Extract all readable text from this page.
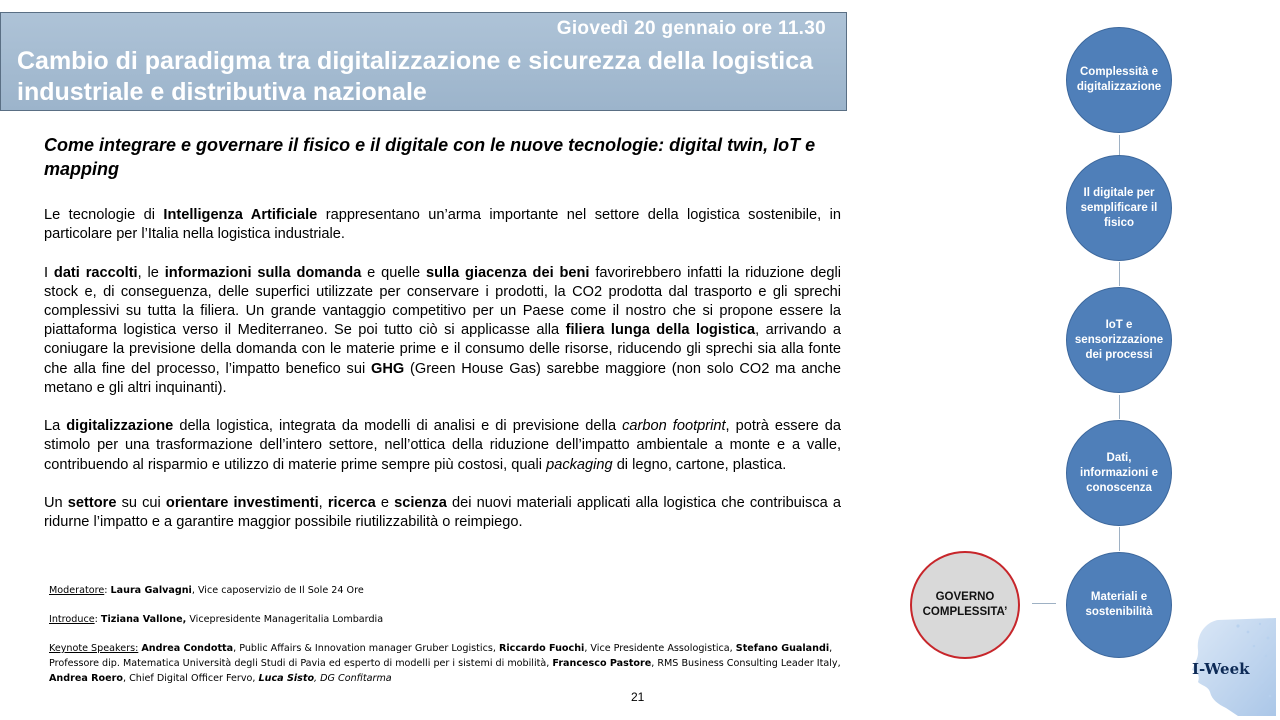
Giovedì 20 gennaio ore 11.30
Cambio di paradigma tra digitalizzazione e sicurezza della logistica industriale e distributiva nazionale
Come integrare e governare il fisico e il digitale con le nuove tecnologie: digital twin, IoT e mapping

Le tecnologie di Intelligenza Artificiale rappresentano un’arma importante nel settore della logistica sostenibile, in particolare per l’Italia nella logistica industriale.

I dati raccolti, le informazioni sulla domanda e quelle sulla giacenza dei beni favorirebbero infatti la riduzione degli stock e, di conseguenza, delle superfici utilizzate per conservare i prodotti, la CO2 prodotta dal trasporto e gli sprechi complessivi su tutta la filiera. Un grande vantaggio competitivo per un Paese come il nostro che si propone essere la piattaforma logistica verso il Mediterraneo. Se poi tutto ciò si applicasse alla filiera lunga della logistica, arrivando a coniugare la previsione della domanda con le materie prime e il consumo delle risorse, riducendo gli sprechi sia alla fonte che alla fine del processo, l’impatto benefico sui GHG (Green House Gas) sarebbe maggiore (non solo CO2 ma anche metano e gli altri inquinanti).

La digitalizzazione della logistica, integrata da modelli di analisi e di previsione della carbon footprint, potrà essere da stimolo per una trasformazione dell’intero settore, nell’ottica della riduzione dell’impatto ambientale a monte e a valle, contribuendo al risparmio e utilizzo di materie prime sempre più costosi, quali packaging di legno, cartone, plastica.

Un settore su cui orientare investimenti, ricerca e scienza dei nuovi materiali applicati alla logistica che contribuisca a ridurne l’impatto e a garantire maggior possibile riutilizzabilità o reimpiego.

Moderatore: Laura Galvagni, Vice caposervizio de Il Sole 24 Ore

Introduce: Tiziana Vallone, Vicepresidente Manageritalia Lombardia

Keynote Speakers: Andrea Condotta, Public Affairs & Innovation manager Gruber Logistics, Riccardo Fuochi, Vice Presidente Assologistica, Stefano Gualandi, Professore dip. Matematica Università degli Studi di Pavia ed esperto di modelli per i sistemi di mobilità, Francesco Pastore, RMS Business Consulting Leader Italy, Andrea Roero, Chief Digital Officer Fervo, Luca Sisto, DG Confitarma

21
Complessità e digitalizzazione
Il digitale per semplificare il fisico
IoT e sensorizzazione dei processi
Dati, informazioni e conoscenza
Materiali e sostenibilità
GOVERNO COMPLESSITA’
I-Week
